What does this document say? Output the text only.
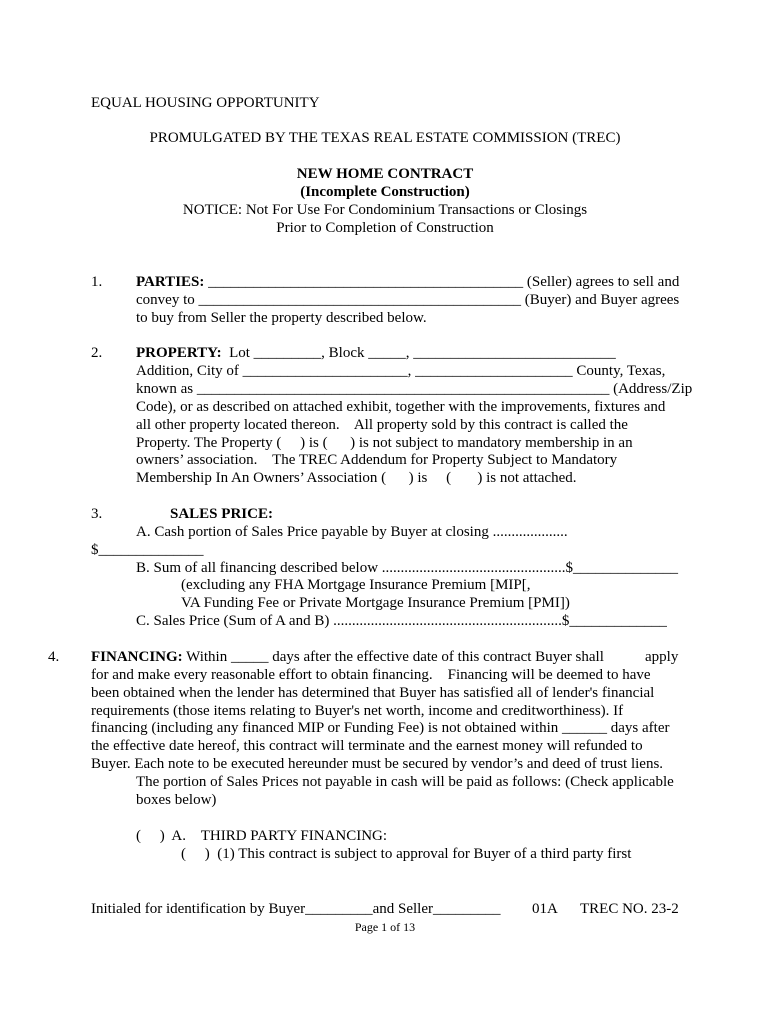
EQUAL HOUSING OPPORTUNITY
PROMULGATED BY THE TEXAS REAL ESTATE COMMISSION (TREC)
NEW HOME CONTRACT
(Incomplete Construction)
NOTICE: Not For Use For Condominium Transactions or Closings
Prior to Completion of Construction
1. PARTIES: __________________________________________ (Seller) agrees to sell and
convey to ___________________________________________ (Buyer) and Buyer agrees
to buy from Seller the property described below.
2. PROPERTY:  Lot _________, Block _____, ___________________________
Addition, City of ______________________, _____________________ County, Texas,
known as _______________________________________________________ (Address/Zip
Code), or as described on attached exhibit, together with the improvements, fixtures and
all other property located thereon.    All property sold by this contract is called the
Property. The Property (     ) is (      ) is not subject to mandatory membership in an
owners’ association.    The TREC Addendum for Property Subject to Mandatory
Membership In An Owners’ Association (      ) is     (       ) is not attached.
3.	SALES PRICE:
A. Cash portion of Sales Price payable by Buyer at closing ....................
$______________
B. Sum of all financing described below .................................................$______________
(excluding any FHA Mortgage Insurance Premium [MIP[,
VA Funding Fee or Private Mortgage Insurance Premium [PMI])
C. Sales Price (Sum of A and B) .............................................................$_____________
4. FINANCING: Within _____ days after the effective date of this contract Buyer shall	apply
for and make every reasonable effort to obtain financing.    Financing will be deemed to have
been obtained when the lender has determined that Buyer has satisfied all of lender's financial
requirements (those items relating to Buyer's net worth, income and creditworthiness). If
financing (including any financed MIP or Funding Fee) is not obtained within ______ days after
the effective date hereof, this contract will terminate and the earnest money will refunded to
Buyer. Each note to be executed hereunder must be secured by vendor’s and deed of trust liens.
The portion of Sales Prices not payable in cash will be paid as follows: (Check applicable
boxes below)
(     )  A.    THIRD PARTY FINANCING:
(     )  (1) This contract is subject to approval for Buyer of a third party first
Initialed for identification by Buyer_________and Seller_________ 01A TREC NO. 23-2
Page 1 of 13
